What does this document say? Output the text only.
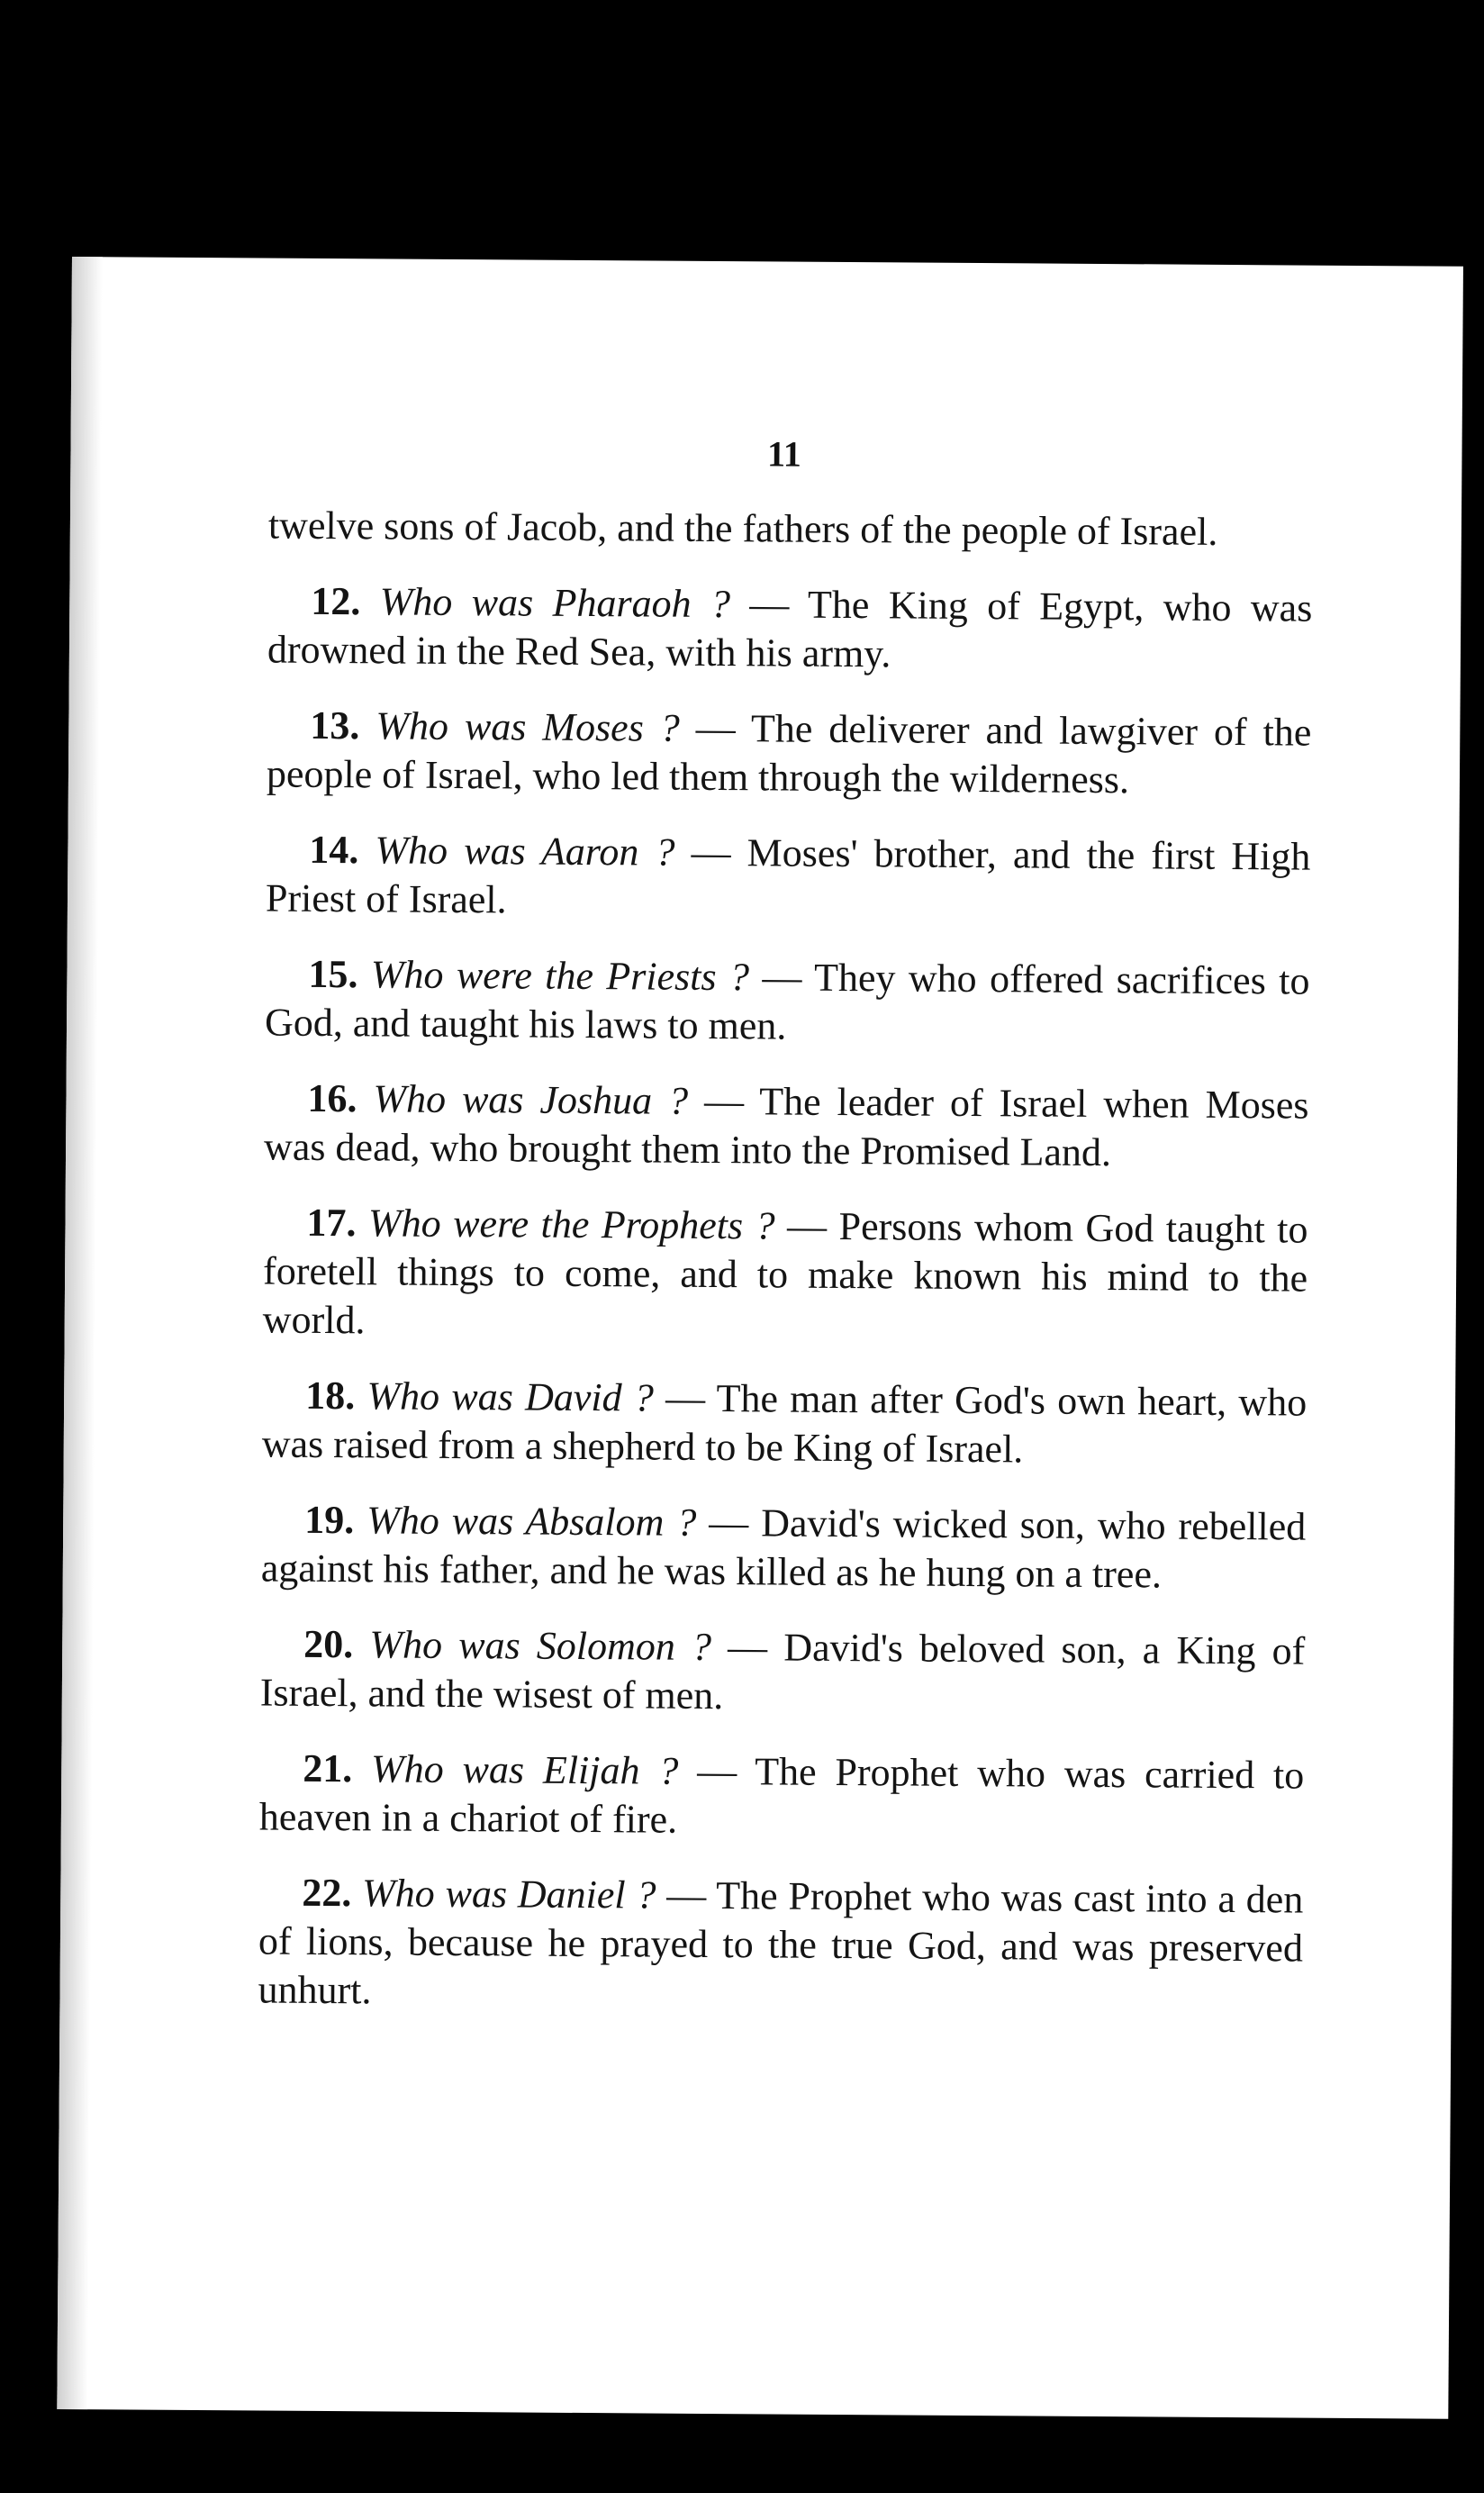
11

twelve sons of Jacob, and the fathers of the people of Israel.

12. Who was Pharaoh ? — The King of Egypt, who was drowned in the Red Sea, with his army.

13. Who was Moses ? — The deliverer and lawgiver of the people of Israel, who led them through the wilderness.

14. Who was Aaron ? — Moses' brother, and the first High Priest of Israel.

15. Who were the Priests ? — They who offered sacrifices to God, and taught his laws to men.

16. Who was Joshua ? — The leader of Israel when Moses was dead, who brought them into the Promised Land.

17. Who were the Prophets ? — Persons whom God taught to foretell things to come, and to make known his mind to the world.

18. Who was David ? — The man after God's own heart, who was raised from a shepherd to be King of Israel.

19. Who was Absalom ? — David's wicked son, who rebelled against his father, and he was killed as he hung on a tree.

20. Who was Solomon ? — David's beloved son, a King of Israel, and the wisest of men.

21. Who was Elijah ? — The Prophet who was carried to heaven in a chariot of fire.

22. Who was Daniel ? — The Prophet who was cast into a den of lions, because he prayed to the true God, and was preserved unhurt.
